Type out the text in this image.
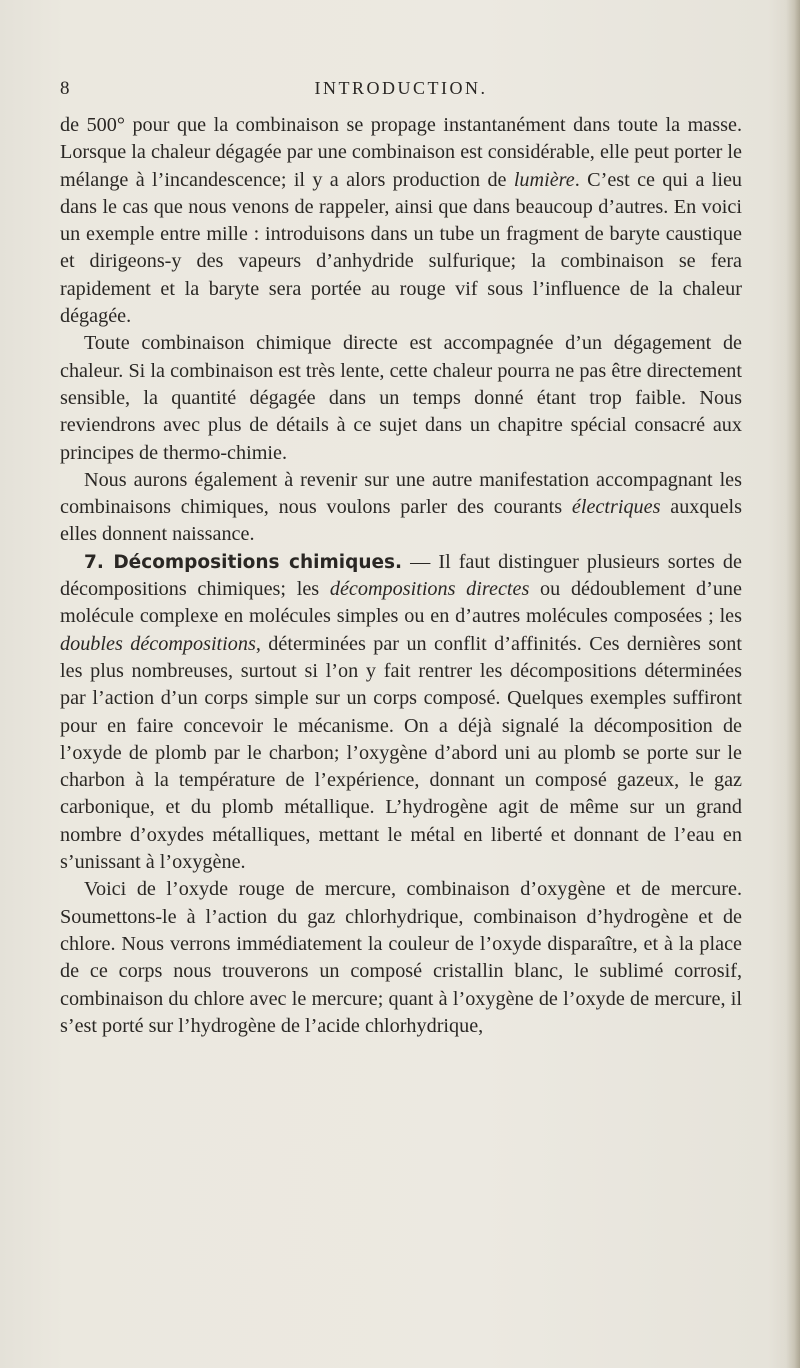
8	INTRODUCTION.

de 500° pour que la combinaison se propage instantanément dans toute la masse. Lorsque la chaleur dégagée par une combinaison est considérable, elle peut porter le mélange à l’incandescence; il y a alors production de lumière. C’est ce qui a lieu dans le cas que nous venons de rappeler, ainsi que dans beaucoup d’autres. En voici un exemple entre mille : introduisons dans un tube un fragment de baryte caustique et dirigeons-y des vapeurs d’anhydride sulfurique; la combinaison se fera rapidement et la baryte sera portée au rouge vif sous l’influence de la chaleur dégagée.

Toute combinaison chimique directe est accompagnée d’un dégagement de chaleur. Si la combinaison est très lente, cette chaleur pourra ne pas être directement sensible, la quantité dégagée dans un temps donné étant trop faible. Nous reviendrons avec plus de détails à ce sujet dans un chapitre spécial consacré aux principes de thermo-chimie.

Nous aurons également à revenir sur une autre manifestation accompagnant les combinaisons chimiques, nous voulons parler des courants électriques auxquels elles donnent naissance.

7. Décompositions chimiques. — Il faut distinguer plusieurs sortes de décompositions chimiques; les décompositions directes ou dédoublement d’une molécule complexe en molécules simples ou en d’autres molécules composées ; les doubles décompositions, déterminées par un conflit d’affinités. Ces dernières sont les plus nombreuses, surtout si l’on y fait rentrer les décompositions déterminées par l’action d’un corps simple sur un corps composé. Quelques exemples suffiront pour en faire concevoir le mécanisme. On a déjà signalé la décomposition de l’oxyde de plomb par le charbon; l’oxygène d’abord uni au plomb se porte sur le charbon à la température de l’expérience, donnant un composé gazeux, le gaz carbonique, et du plomb métallique. L’hydrogène agit de même sur un grand nombre d’oxydes métalliques, mettant le métal en liberté et donnant de l’eau en s’unissant à l’oxygène.

Voici de l’oxyde rouge de mercure, combinaison d’oxygène et de mercure. Soumettons-le à l’action du gaz chlorhydrique, combinaison d’hydrogène et de chlore. Nous verrons immédiatement la couleur de l’oxyde disparaître, et à la place de ce corps nous trouverons un composé cristallin blanc, le sublimé corrosif, combinaison du chlore avec le mercure; quant à l’oxygène de l’oxyde de mercure, il s’est porté sur l’hydrogène de l’acide chlorhydrique,
